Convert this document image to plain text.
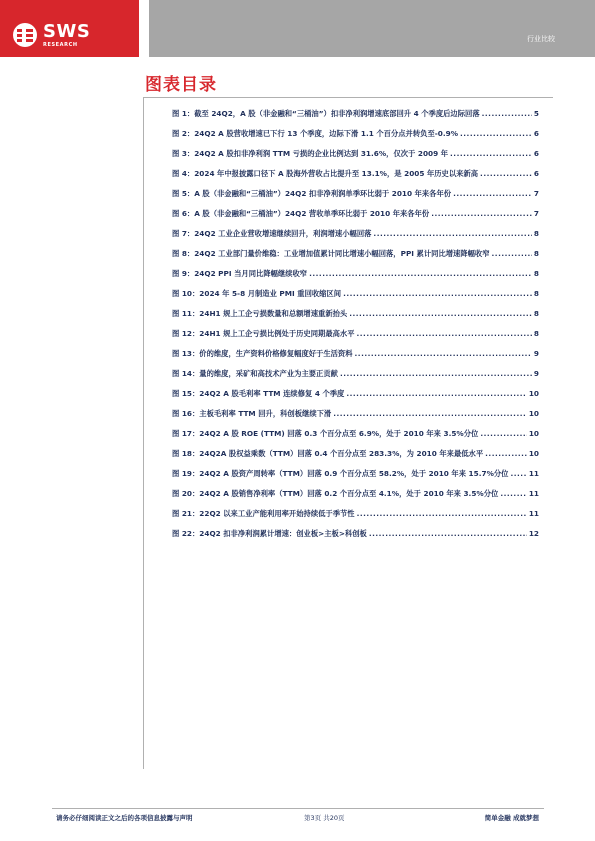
SWS
RESEARCH
行业比较
图表目录
图 1：截至 24Q2，A 股（非金融和“三桶油”）扣非净利润增速底部回升 4 个季度后边际回落 .....	5
图 2：24Q2 A 股营收增速已下行 13 个季度，边际下滑 1.1 个百分点并转负至-0.9% .....	6
图 3：24Q2 A 股扣非净利润 TTM 亏损的企业比例达到 31.6%，仅次于 2009 年 .....	6
图 4：2024 年中报披露口径下 A 股海外营收占比提升至 13.1%，是 2005 年历史以来新高 .....	6
图 5：A 股（非金融和“三桶油”）24Q2 扣非净利润单季环比弱于 2010 年来各年份 .....	7
图 6：A 股（非金融和“三桶油”）24Q2 营收单季环比弱于 2010 年来各年份 .....	7
图 7：24Q2 工业企业营收增速继续回升，利润增速小幅回落 .....	8
图 8：24Q2 工业部门量价维稳：工业增加值累计同比增速小幅回落，PPI 累计同比增速降幅收窄 .....	8
图 9：24Q2 PPI 当月同比降幅继续收窄 .....	8
图 10：2024 年 5-8 月制造业 PMI 重回收缩区间 .....	8
图 11：24H1 规上工企亏损数量和总额增速重新抬头 .....	8
图 12：24H1 规上工企亏损比例处于历史同期最高水平 .....	8
图 13：价的维度，生产资料价格修复幅度好于生活资料 .....	9
图 14：量的维度，采矿和高技术产业为主要正贡献 .....	9
图 15：24Q2 A 股毛利率 TTM 连续修复 4 个季度 .....	10
图 16：主板毛利率 TTM 回升，科创板继续下滑 .....	10
图 17：24Q2 A 股 ROE (TTM) 回落 0.3 个百分点至 6.9%，处于 2010 年来 3.5%分位 .....	10
图 18：24Q2A 股权益乘数（TTM）回落 0.4 个百分点至 283.3%，为 2010 年来最低水平 .....	10
图 19：24Q2 A 股资产周转率（TTM）回落 0.9 个百分点至 58.2%，处于 2010 年来 15.7%分位 .....	11
图 20：24Q2 A 股销售净利率（TTM）回落 0.2 个百分点至 4.1%，处于 2010 年来 3.5%分位 .....	11
图 21：22Q2 以来工业产能利用率开始持续低于季节性 .....	11
图 22：24Q2 扣非净利润累计增速：创业板>主板>科创板 .....	12
请务必仔细阅读正文之后的各项信息披露与声明	第3页 共20页	简单金融 成就梦想
